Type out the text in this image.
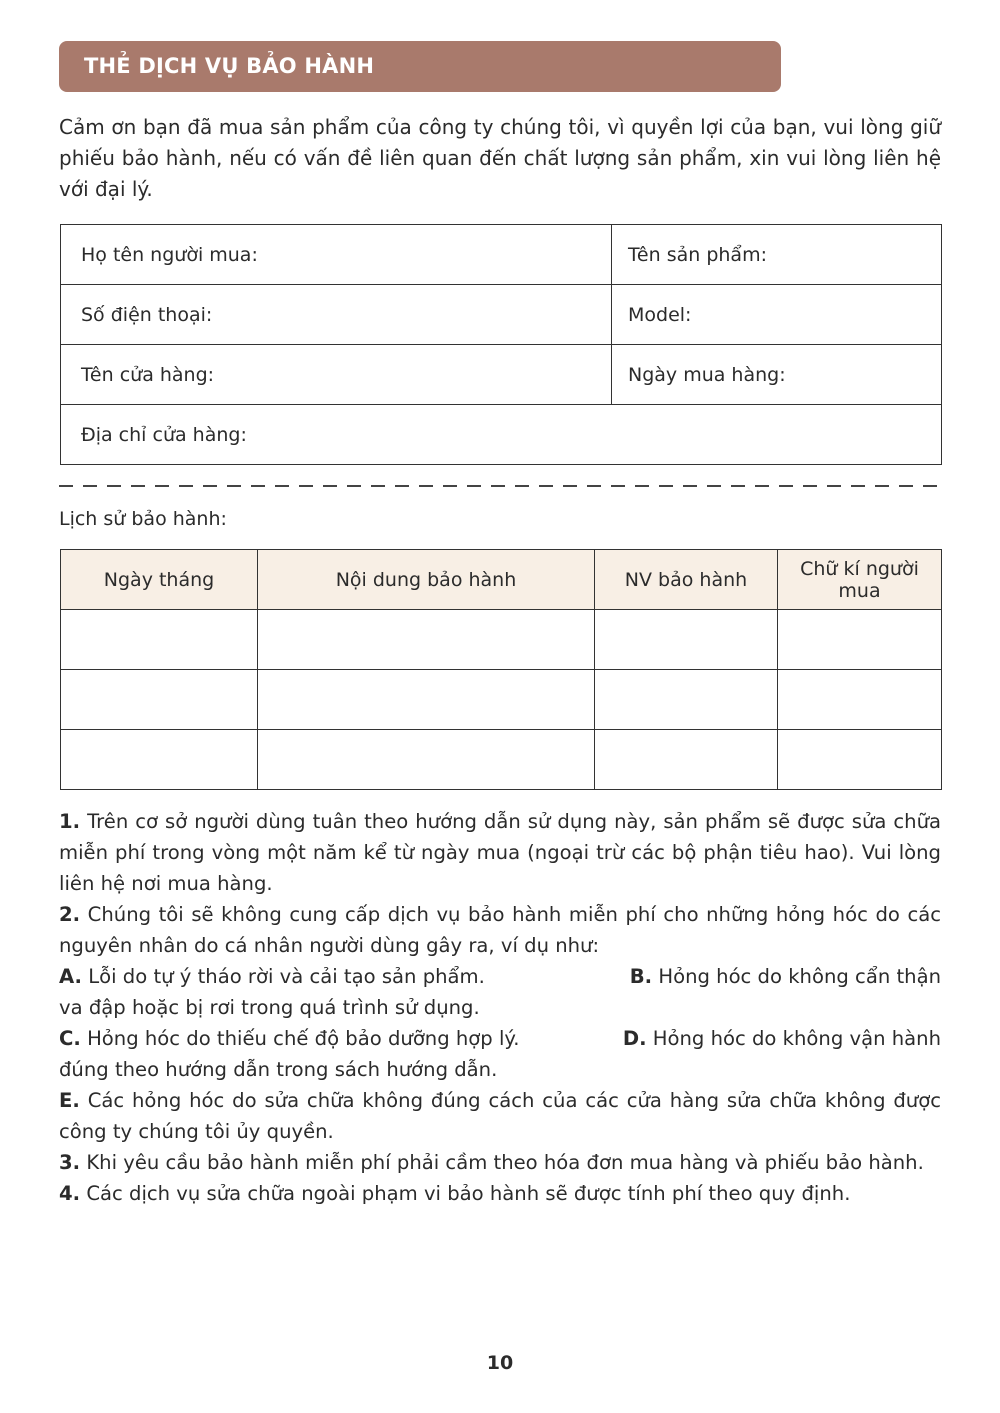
THẺ DỊCH VỤ BẢO HÀNH

Cảm ơn bạn đã mua sản phẩm của công ty chúng tôi, vì quyền lợi của bạn, vui lòng giữ phiếu bảo hành, nếu có vấn đề liên quan đến chất lượng sản phẩm, xin vui lòng liên hệ với đại lý.

Họ tên người mua:	Tên sản phẩm:
Số điện thoại:	Model:
Tên cửa hàng:	Ngày mua hàng:
Địa chỉ cửa hàng:	
Lịch sử bảo hành:
Ngày tháng	Nội dung bảo hành	NV bảo hành	Chữ kí người mua

1. Trên cơ sở người dùng tuân theo hướng dẫn sử dụng này, sản phẩm sẽ được sửa chữa miễn phí trong vòng một năm kể từ ngày mua (ngoại trừ các bộ phận tiêu hao). Vui lòng liên hệ nơi mua hàng.

2. Chúng tôi sẽ không cung cấp dịch vụ bảo hành miễn phí cho những hỏng hóc do các nguyên nhân do cá nhân người dùng gây ra, ví dụ như:

A. Lỗi do tự ý tháo rời và cải tạo sản phẩm.	B. Hỏng hóc do không cẩn thận

va đập hoặc bị rơi trong quá trình sử dụng.

C. Hỏng hóc do thiếu chế độ bảo dưỡng hợp lý.	D. Hỏng hóc do không vận hành

đúng theo hướng dẫn trong sách hướng dẫn.

E. Các hỏng hóc do sửa chữa không đúng cách của các cửa hàng sửa chữa không được công ty chúng tôi ủy quyền.

3. Khi yêu cầu bảo hành miễn phí phải cầm theo hóa đơn mua hàng và phiếu bảo hành.

4. Các dịch vụ sửa chữa ngoài phạm vi bảo hành sẽ được tính phí theo quy định.

10
